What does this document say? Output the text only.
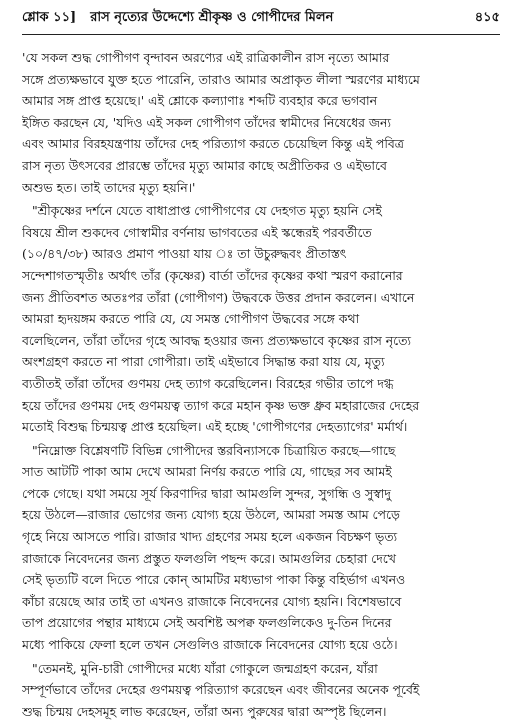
শ্লোক ১১] রাস নৃত্যের উদ্দেশ্যে শ্রীকৃষ্ণ ও গোপীদের মিলন	৪১৫
'যে সকল শুদ্ধ গোপীগণ বৃন্দাবন অরণ্যের এই রাত্রিকালীন রাস নৃত্যে আমার
সঙ্গে প্রত্যক্ষভাবে যুক্ত হতে পারেনি, তারাও আমার অপ্রাকৃত লীলা স্মরণের মাধ্যমে
আমার সঙ্গ প্রাপ্ত হয়েছে।' এই শ্লোকে কল্যাণাঃ শব্দটি ব্যবহার করে ভগবান
ইঙ্গিত করছেন যে, 'যদিও এই সকল গোপীগণ তাঁদের স্বামীদের নিষেধের জন্য
এবং আমার বিরহযন্ত্রণায় তাঁদের দেহ পরিত্যাগ করতে চেয়েছিল কিন্তু এই পবিত্র
রাস নৃত্য উৎসবের প্রারম্ভে তাঁদের মৃত্যু আমার কাছে অপ্রীতিকর ও এইভাবে
অশুভ হত। তাই তাদের মৃত্যু হয়নি।'
"শ্রীকৃষ্ণের দর্শনে যেতে বাধাপ্রাপ্ত গোপীগণের যে দেহগত মৃত্যু হয়নি সেই
বিষয়ে শ্রীল শুকদেব গোস্বামীর বর্ণনায় ভাগবতের এই স্কন্ধেরই পরবর্তীতে
(১০/৪৭/৩৮) আরও প্রমাণ পাওয়া যায় ঃ তা উচুরুদ্ধবং প্রীতাস্তৎ
সন্দেশাগতস্মৃতীঃ অর্থাৎ তাঁর (কৃষ্ণের) বার্তা তাঁদের কৃষ্ণের কথা স্মরণ করানোর
জন্য প্রীতিবশত অতঃপর তাঁরা (গোপীগণ) উদ্ধবকে উত্তর প্রদান করলেন। এখানে
আমরা হৃদয়ঙ্গম করতে পারি যে, যে সমস্ত গোপীগণ উদ্ধবের সঙ্গে কথা
বলেছিলেন, তাঁরা তাঁদের গৃহে আবদ্ধ হওয়ার জন্য প্রত্যক্ষভাবে কৃষ্ণের রাস নৃত্যে
অংশগ্রহণ করতে না পারা গোপীরা। তাই এইভাবে সিদ্ধান্ত করা যায় যে, মৃত্যু
ব্যতীতই তাঁরা তাঁদের গুণময় দেহ ত্যাগ করেছিলেন। বিরহের গভীর তাপে দগ্ধ
হয়ে তাঁদের গুণময় দেহ গুণময়ত্ব ত্যাগ করে মহান কৃষ্ণ ভক্ত ধ্রুব মহারাজের দেহের
মতোই বিশুদ্ধ চিন্ময়ত্ব প্রাপ্ত হয়েছিল। এই হচ্ছে 'গোপীগণের দেহত্যাগের' মর্মার্থ।
"নিম্নোক্ত বিশ্লেষণটি বিভিন্ন গোপীদের স্তরবিন্যাসকে চিত্রায়িত করছে—গাছে
সাত আটটি পাকা আম দেখে আমরা নির্ণয় করতে পারি যে, গাছের সব আমই
পেকে গেছে। যথা সময়ে সূর্য কিরণাদির দ্বারা আমগুলি সুন্দর, সুগন্ধি ও সুস্বাদু
হয়ে উঠলে—রাজার ভোগের জন্য যোগ্য হয়ে উঠলে, আমরা সমস্ত আম পেড়ে
গৃহে নিয়ে আসতে পারি। রাজার খাদ্য গ্রহণের সময় হলে একজন বিচক্ষণ ভৃত্য
রাজাকে নিবেদনের জন্য প্রস্তুত ফলগুলি পছন্দ করে। আমগুলির চেহারা দেখে
সেই ভৃত্যটি বলে দিতে পারে কোন্ আমটির মধ্যভাগ পাকা কিন্তু বহির্ভাগ এখনও
কাঁচা রয়েছে আর তাই তা এখনও রাজাকে নিবেদনের যোগ্য হয়নি। বিশেষভাবে
তাপ প্রয়োগের পন্থার মাধ্যমে সেই অবশিষ্ট অপক্ব ফলগুলিকেও দু-তিন দিনের
মধ্যে পাকিয়ে ফেলা হলে তখন সেগুলিও রাজাকে নিবেদনের যোগ্য হয়ে ওঠে।
"তেমনই, মুনি-চারী গোপীদের মধ্যে যাঁরা গোকুলে জন্মগ্রহণ করেন, যাঁরা
সম্পূর্ণভাবে তাঁদের দেহের গুণময়ত্ব পরিত্যাগ করেছেন এবং জীবনের অনেক পূর্বেই
শুদ্ধ চিন্ময় দেহসমূহ লাভ করেছেন, তাঁরা অন্য পুরুষের দ্বারা অস্পৃষ্ট ছিলেন।
